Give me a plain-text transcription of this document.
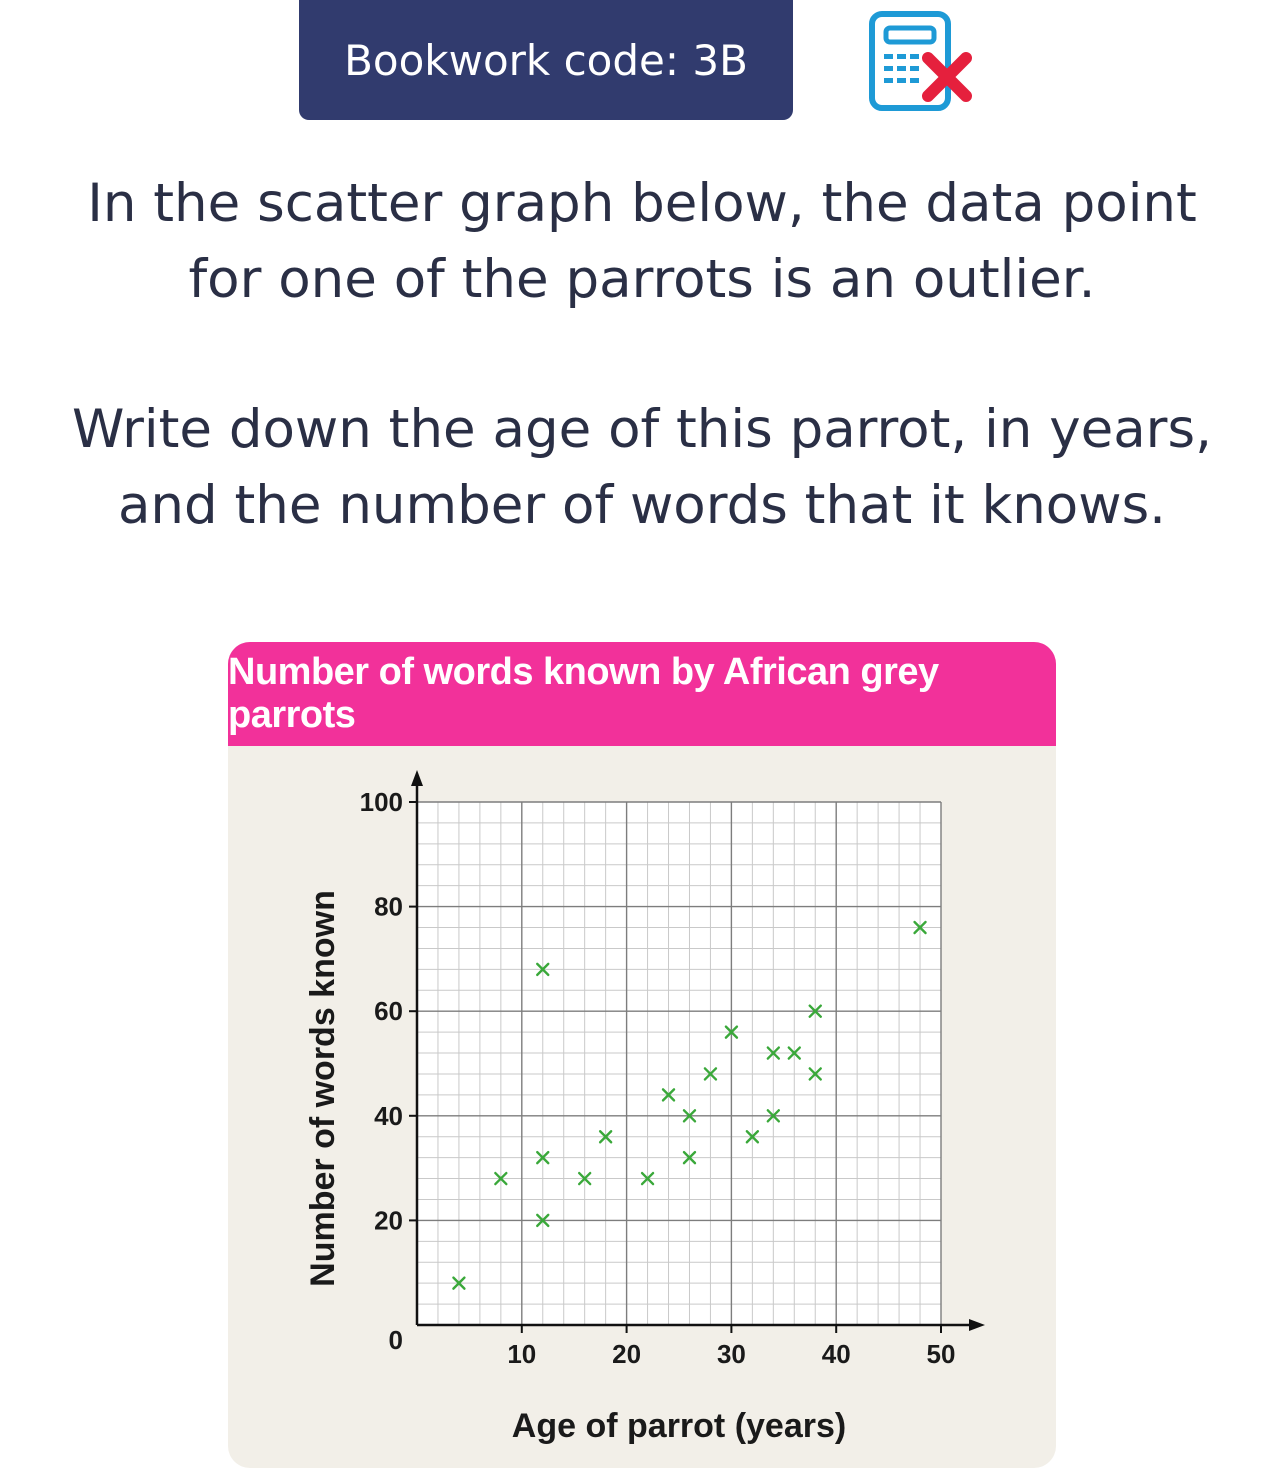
Bookwork code: 3B
In the scatter graph below, the data point
for one of the parrots is an outlier.
Write down the age of this parrot, in years,
and the number of words that it knows.
Number of words known by African grey parrots
10	20	30	40	50
20
40
60
80
100
0
Age of parrot (years)
Number of words known
